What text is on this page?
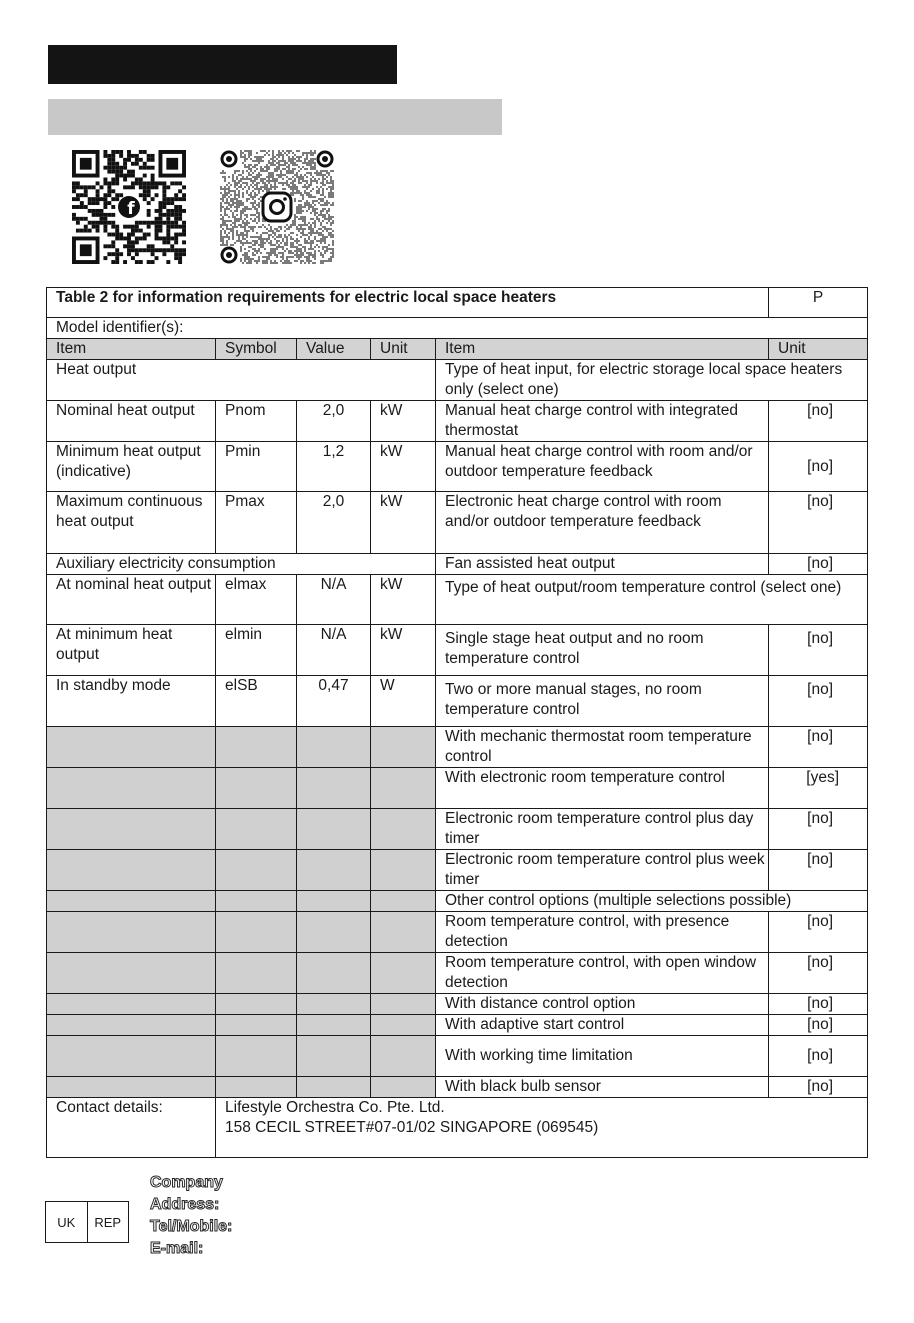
f
Table 2 for information requirements for electric local space heaters					P
Model identifier(s):					
Item	Symbol	Value	Unit	Item	Unit
Heat output				Type of heat input, for electric storage local space heaters only (select one)	
Nominal heat output	Pnom	2,0	kW	Manual heat charge control with integrated thermostat	[no]
Minimum heat output (indicative)	Pmin	1,2	kW	Manual heat charge control with room and/or outdoor temperature feedback	[no]
Maximum continuous heat output	Pmax	2,0	kW	Electronic heat charge control with room and/or outdoor temperature feedback	[no]
Auxiliary electricity consumption				Fan assisted heat output	[no]
At nominal heat output	elmax	N/A	kW	Type of heat output/room temperature control (select one)	
At minimum heat output	elmin	N/A	kW	Single stage heat output and no room temperature control	[no]
In standby mode	elSB	0,47	W	Two or more manual stages, no room temperature control	[no]
				With mechanic thermostat room temperature control	[no]
				With electronic room temperature control	[yes]
				Electronic room temperature control plus day timer	[no]
				Electronic room temperature control plus week timer	[no]
				Other control options (multiple selections possible)	
				Room temperature control, with presence detection	[no]
				Room temperature control, with open window detection	[no]
				With distance control option	[no]
				With adaptive start control	[no]
				With working time limitation	[no]
				With black bulb sensor	[no]
Contact details:	Lifestyle Orchestra Co. Pte. Ltd.
158 CECIL STREET#07-01/02 SINGAPORE (069545)				
UK	REP
Company
Address:
Tel/Mobile:
E-mail:
